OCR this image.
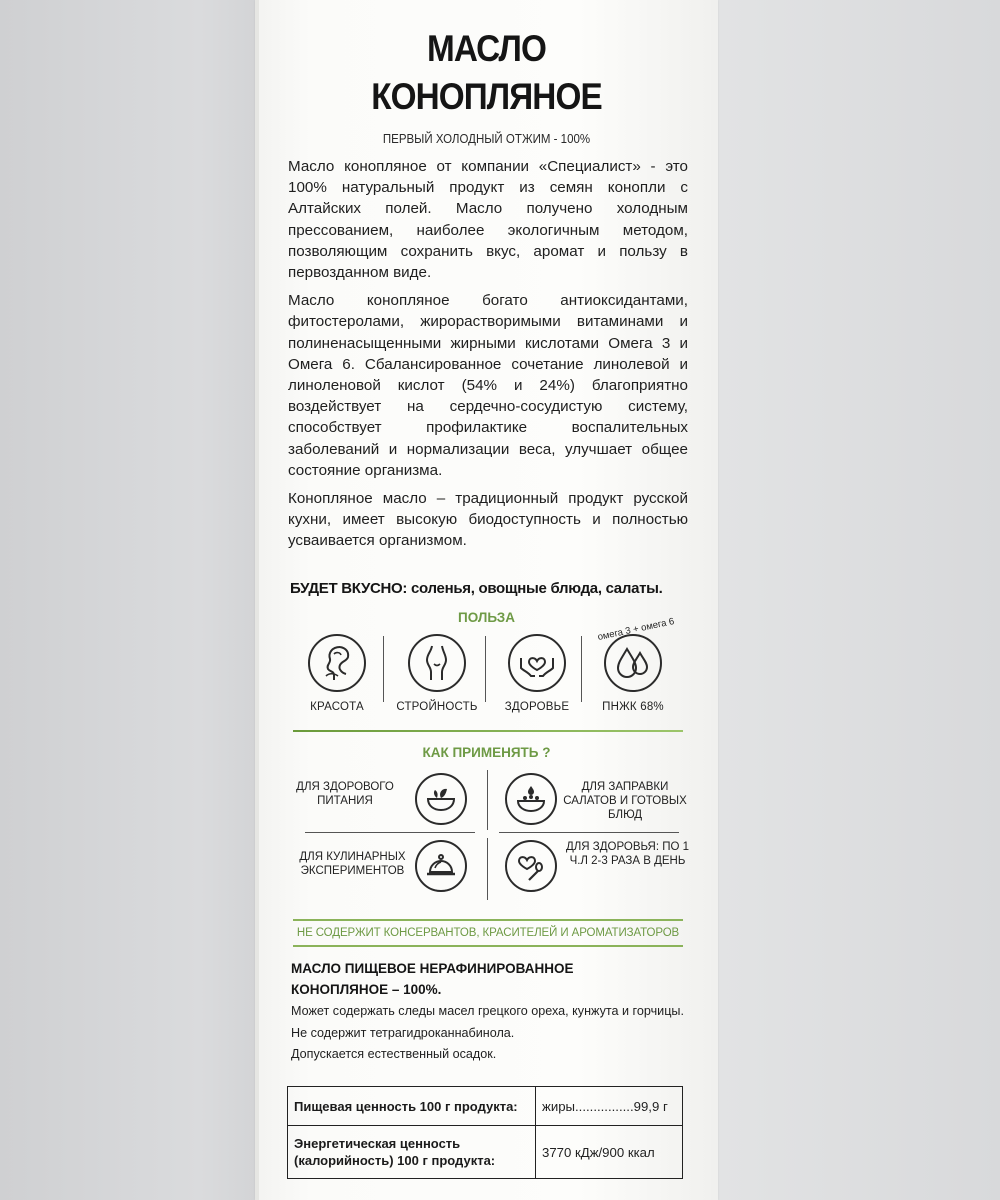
МАСЛО
КОНОПЛЯНОЕ
ПЕРВЫЙ ХОЛОДНЫЙ ОТЖИМ - 100%

Масло конопляное от компании «Специалист» - это 100% натуральный продукт из семян конопли с Алтайских полей. Масло получено холодным прессованием, наиболее экологичным методом, позволяющим сохранить вкус, аромат и пользу в первозданном виде.

Масло конопляное богато антиоксидантами, фитостеролами, жирорастворимыми витаминами и полиненасыщенными жирными кислотами Омега 3 и Омега 6. Сбалансированное сочетание линолевой и линоленовой кислот (54% и 24%) благоприятно воздействует на сердечно-сосудистую систему, способствует профилактике воспалительных заболеваний и нормализации веса, улучшает общее состояние организма.

Конопляное масло – традиционный продукт русской кухни, имеет высокую биодоступность и полностью усваивается организмом.

БУДЕТ ВКУСНО: соленья, овощные блюда, салаты.
ПОЛЬЗА
КРАСОТА	СТРОЙНОСТЬ	ЗДОРОВЬЕ
омега 3 + омега 6
ПНЖК 68%
КАК ПРИМЕНЯТЬ ?
ДЛЯ ЗДОРОВОГО ПИТАНИЯ
ДЛЯ ЗАПРАВКИ САЛАТОВ И ГОТОВЫХ БЛЮД
ДЛЯ КУЛИНАРНЫХ ЭКСПЕРИМЕНТОВ
ДЛЯ ЗДОРОВЬЯ: ПО 1 Ч.Л 2-3 РАЗА В ДЕНЬ
НЕ СОДЕРЖИТ КОНСЕРВАНТОВ, КРАСИТЕЛЕЙ И АРОМАТИЗАТОРОВ
МАСЛО ПИЩЕВОЕ НЕРАФИНИРОВАННОЕ КОНОПЛЯНОЕ – 100%.
Может содержать следы масел грецкого ореха, кунжута и горчицы.
Не содержит тетрагидроканнабинола.
Допускается естественный осадок.
Пищевая ценность 100 г продукта:	жиры................99,9 г
Энергетическая ценность (калорийность) 100 г продукта:	3770 кДж/900 ккал
